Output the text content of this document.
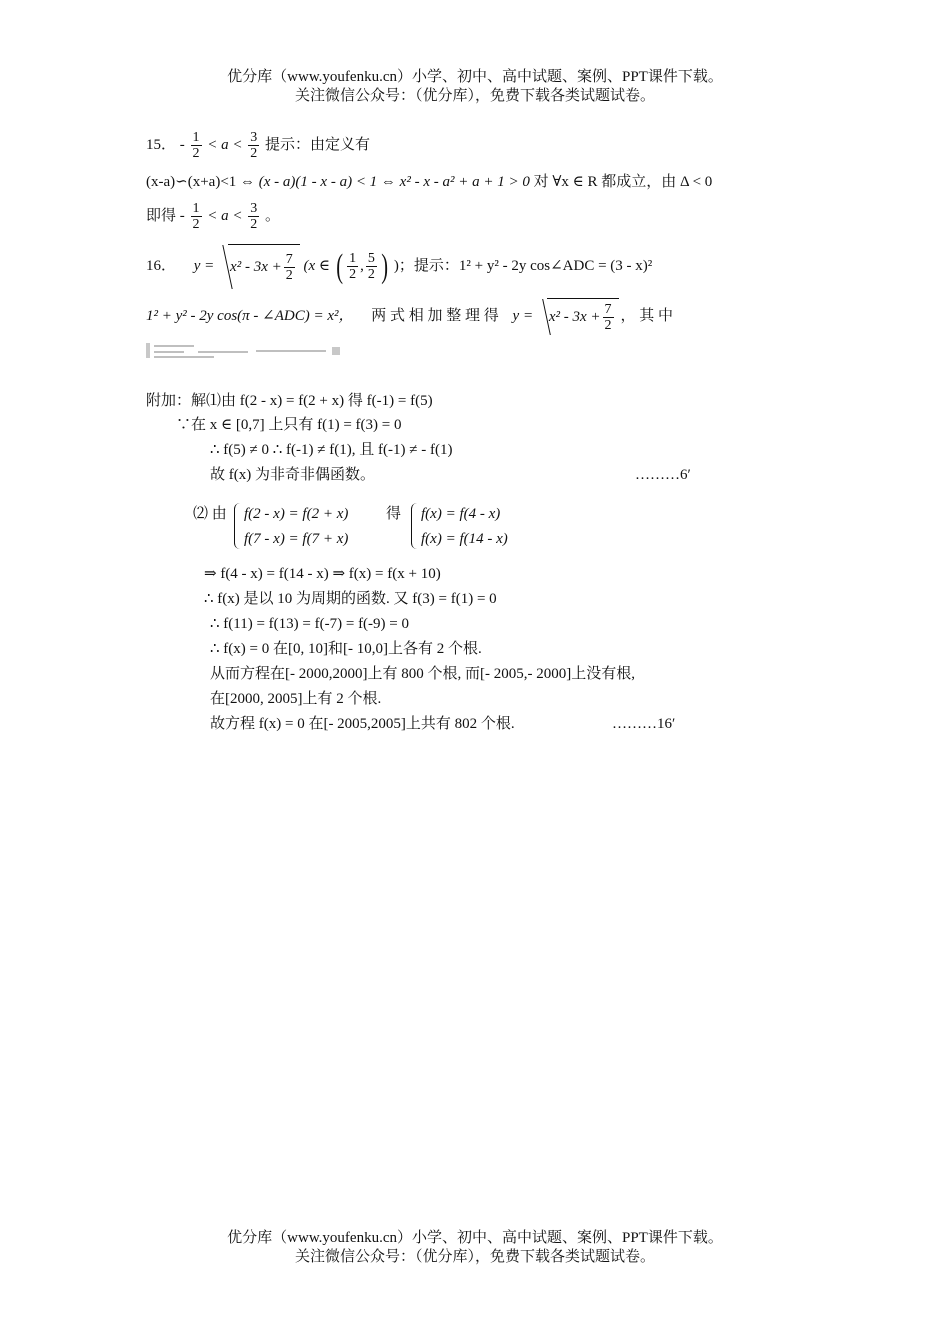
优分库（www.youfenku.cn）小学、初中、高中试题、案例、PPT课件下载。
关注微信公众号：（优分库），免费下载各类试题试卷。
15． - $\frac{1}{2} < a < \frac{3}{2}$ 提示：由定义有
(x-a)∽(x+a)<1 ⇔ (x - a)(1 - x - a) < 1 ⇔ x² - x - a² + a + 1 > 0 对 ∀x ∈ R 都成立，由 Δ < 0
即得 - $\frac{1}{2} < a < \frac{3}{2}$ 。
16． $y = x^2 - 3x + \frac{7}{2} (x$ ∈ ( $\frac{1}{2}$ , $\frac{5}{2}$ ) )；提示：1² + y² - 2y cos∠ADC = (3 - x)²
1² + y² - 2y cos(π - ∠ADC) = x²， 两 式 相 加 整 理 得 $y = x^2 - 3x + \frac{7}{2}$ ， 其 中
附加：解⑴由 f(2 - x) = f(2 + x) 得 f(-1) = f(5)
∵在 x ∈ [0,7] 上只有 f(1) = f(3) = 0
∴ f(5) ≠ 0 ∴ f(-1) ≠ f(1), 且 f(-1) ≠ - f(1)
故 f(x) 为非奇非偶函数。	………6′
⑵ 由 f(2 - x) = f(2 + x)
f(7 - x) = f(7 + x)
得 f(x) = f(4 - x)
f(x) = f(14 - x)
⇒ f(4 - x) = f(14 - x) ⇒ f(x) = f(x + 10)
∴ f(x) 是以 10 为周期的函数. 又 f(3) = f(1) = 0
∴ f(11) = f(13) = f(-7) = f(-9) = 0
∴ f(x) = 0 在[0, 10]和[- 10,0]上各有 2 个根.
从而方程在[- 2000,2000]上有 800 个根, 而[- 2005,- 2000]上没有根,
在[2000, 2005]上有 2 个根.
故方程 f(x) = 0 在[- 2005,2005]上共有 802 个根.	………16′
优分库（www.youfenku.cn）小学、初中、高中试题、案例、PPT课件下载。
关注微信公众号：（优分库），免费下载各类试题试卷。
